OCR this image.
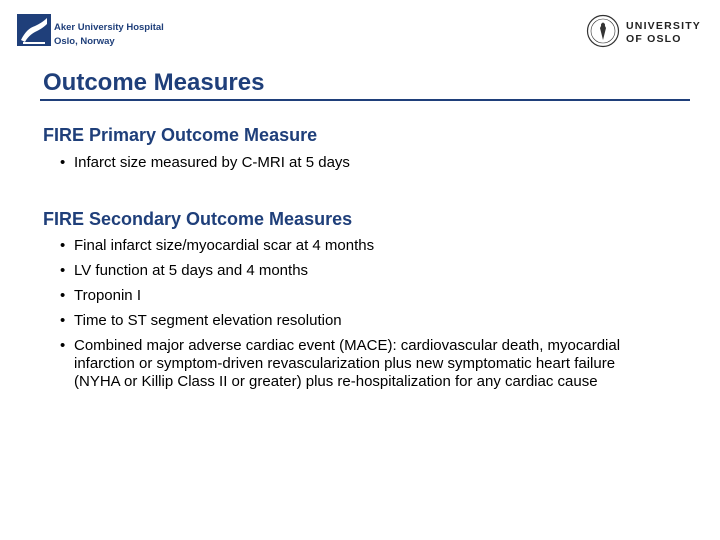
Aker University Hospital
Oslo, Norway
UNIVERSITY
OF OSLO
Outcome Measures
FIRE Primary Outcome Measure
• Infarct size measured by C-MRI at 5 days
FIRE Secondary Outcome Measures
• Final infarct size/myocardial scar at 4 months
• LV function at 5 days and 4 months
• Troponin I
• Time to ST segment elevation resolution
• Combined major adverse cardiac event (MACE): cardiovascular death, myocardial infarction or symptom-driven revascularization plus new symptomatic heart failure (NYHA or Killip Class II or greater) plus re-hospitalization for any cardiac cause
